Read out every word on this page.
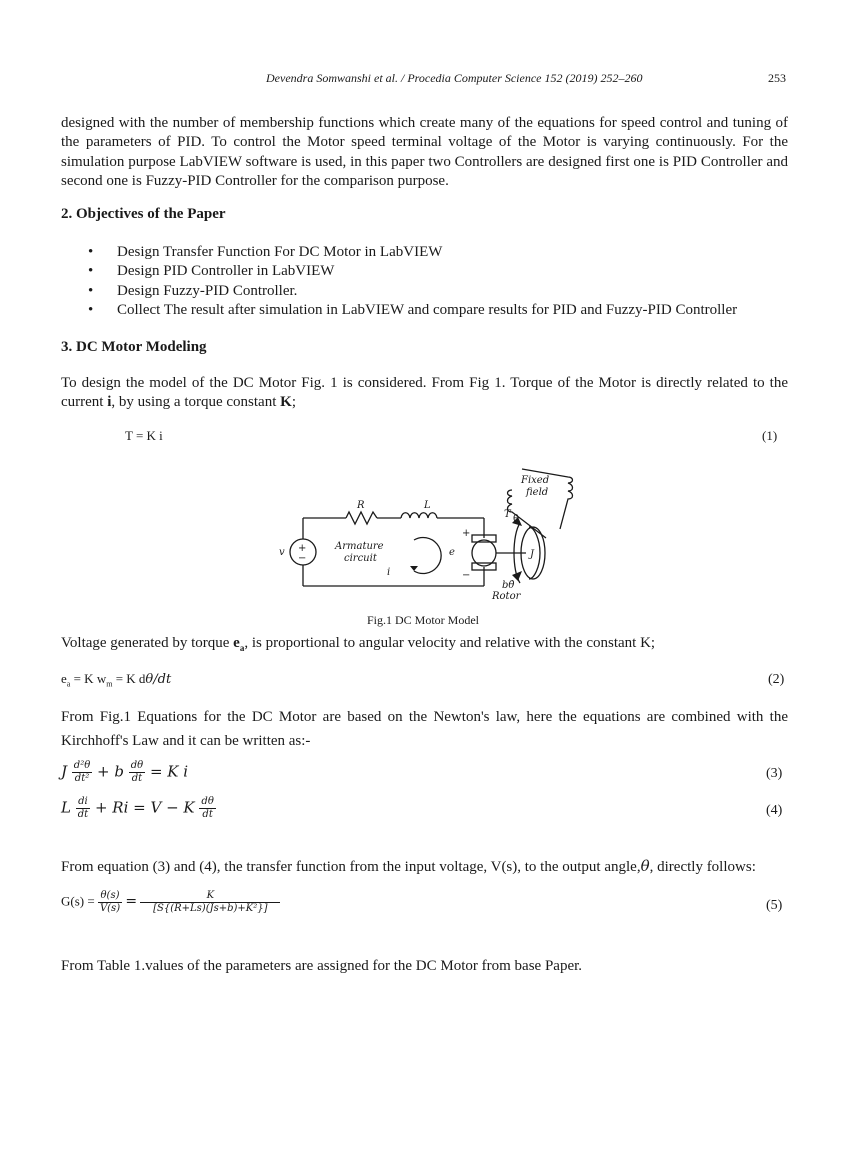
Devendra Somwanshi et al. / Procedia Computer Science 152 (2019) 252–260	253

designed with the number of membership functions which create many of the equations for speed control and tuning of the parameters of PID. To control the Motor speed terminal voltage of the Motor is varying continuously. For the simulation purpose LabVIEW software is used, in this paper two Controllers are designed first one is PID Controller and second one is Fuzzy-PID Controller for the comparison purpose.

2. Objectives of the Paper
• Design Transfer Function For DC Motor in LabVIEW
• Design PID Controller in LabVIEW
• Design Fuzzy-PID Controller.
• Collect The result after simulation in LabVIEW and compare results for PID and Fuzzy-PID Controller
3. DC Motor Modeling

To design the model of the DC Motor Fig. 1 is considered. From Fig 1. Torque of the Motor is directly related to the current i, by using a torque constant K;

T = K i	(1)
Fixed
field
R	L
T θ
v +
−
Armature
circuit
i
e
+
−
J
bθ̇
Rotor
Fig.1 DC Motor Model

Voltage generated by torque $e_a$, is proportional to angular velocity and relative with the constant K;

$e_a = K$ $w_m = K$ dθ/dt	(2)

From Fig.1 Equations for the DC Motor are based on the Newton's law, here the equations are combined with the Kirchhoff's Law and it can be written as:-

J $\frac{\text{d²θ}}{\text{dt²}} + b \frac{d\theta}{dt} = K$ i	(3)
L $\frac{di}{dt} + Ri = V - K \frac{d\theta}{dt}$	(4)

From equation (3) and (4), the transfer function from the input voltage, V(s), to the output angle,θ, directly follows:

$G(s) = \frac{\theta(s)}{V(s)} = \frac{K}{\text{[S\{(R+Ls)(Js+b)+K²\}]}}$	(5)

From Table 1.values of the parameters are assigned for the DC Motor from base Paper.
